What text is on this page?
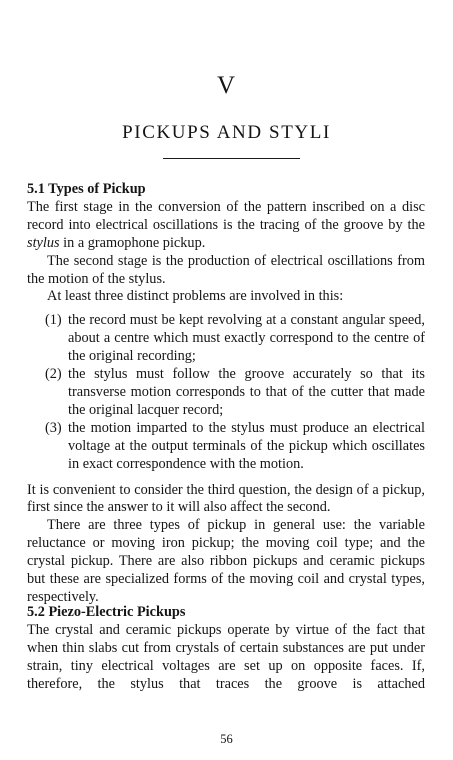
V
PICKUPS AND STYLI
5.1 Types of Pickup

The first stage in the conversion of the pattern inscribed on a disc record into electrical oscillations is the tracing of the groove by the stylus in a gramophone pickup.

The second stage is the production of electrical oscillations from the motion of the stylus.

At least three distinct problems are involved in this:

(1) the record must be kept revolving at a constant angular speed, about a centre which must exactly correspond to the centre of the original recording;
(2) the stylus must follow the groove accurately so that its transverse motion corresponds to that of the cutter that made the original lacquer record;
(3) the motion imparted to the stylus must produce an electrical voltage at the output terminals of the pickup which oscillates in exact correspondence with the motion.

It is convenient to consider the third question, the design of a pickup, first since the answer to it will also affect the second.

There are three types of pickup in general use: the variable reluctance or moving iron pickup; the moving coil type; and the crystal pickup. There are also ribbon pickups and ceramic pickups but these are specialized forms of the moving coil and crystal types, respectively.

5.2 Piezo-Electric Pickups

The crystal and ceramic pickups operate by virtue of the fact that when thin slabs cut from crystals of certain substances are put under strain, tiny electrical voltages are set up on opposite faces. If, therefore, the stylus that traces the groove is attached

56
